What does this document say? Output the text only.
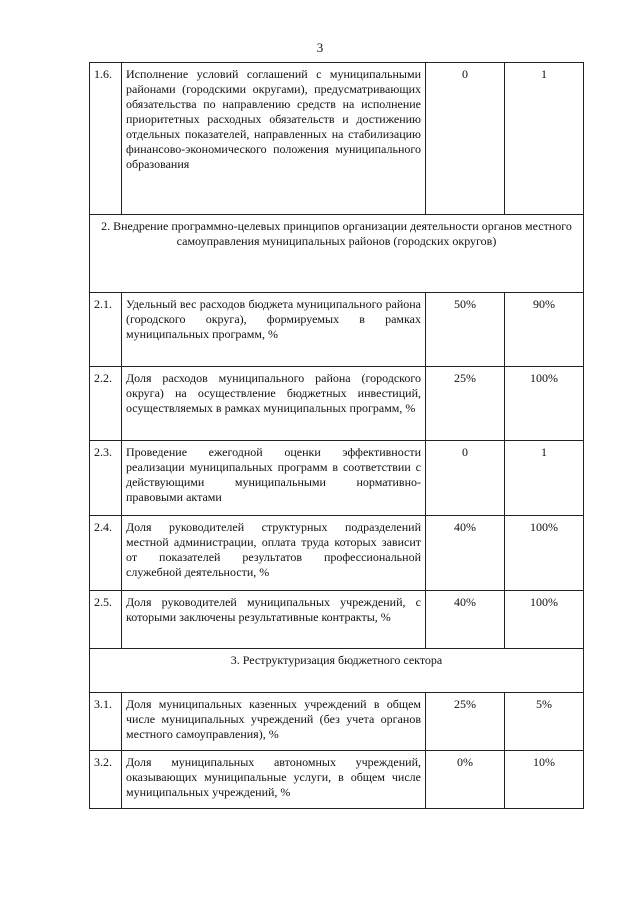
3
1.6.	Исполнение условий соглашений с муниципальными районами (городскими округами), предусматривающих обязательства по направлению средств на исполнение приоритетных расходных обязательств и достижению отдельных показателей, направленных на стабилизацию финансово-экономического положения муниципального образования	0	1
2. Внедрение программно-целевых принципов организации деятельности органов местного самоуправления муниципальных районов (городских округов)			
2.1.	Удельный вес расходов бюджета муниципального района (городского округа), формируемых в рамках муниципальных программ, %	50%	90%
2.2.	Доля расходов муниципального района (городского округа) на осуществление бюджетных инвестиций, осуществляемых в рамках муниципальных программ, %	25%	100%
2.3.	Проведение ежегодной оценки эффективности реализации муниципальных программ в соответствии с действующими муниципальными нормативно-правовыми актами	0	1
2.4.	Доля руководителей структурных подразделений местной администрации, оплата труда которых зависит от показателей результатов профессиональной служебной деятельности, %	40%	100%
2.5.	Доля руководителей муниципальных учреждений, с которыми заключены результативные контракты, %	40%	100%
3. Реструктуризация бюджетного сектора			
3.1.	Доля муниципальных казенных учреждений в общем числе муниципальных учреждений (без учета органов местного самоуправления), %	25%	5%
3.2.	Доля муниципальных автономных учреждений, оказывающих муниципальные услуги, в общем числе муниципальных учреждений, %	0%	10%
